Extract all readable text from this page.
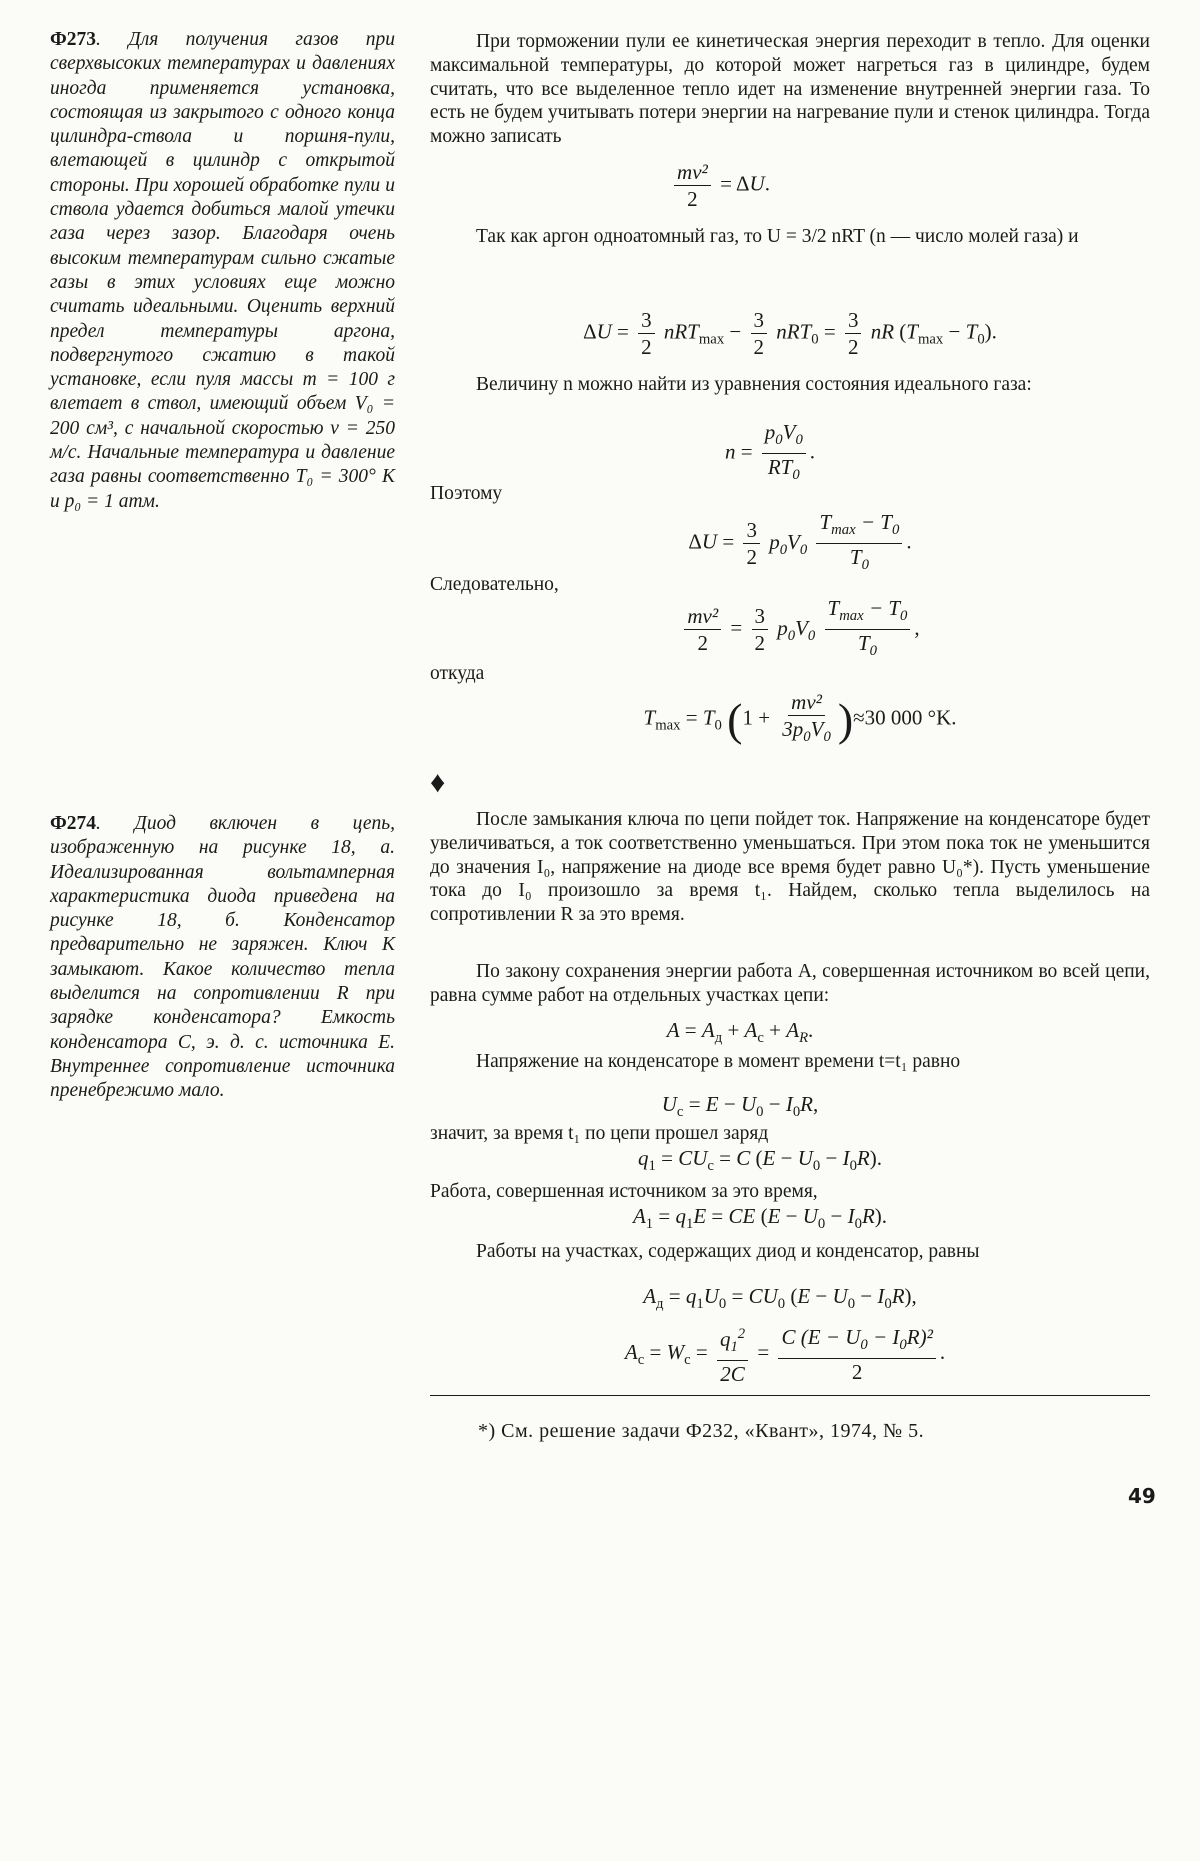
Ф273. Для получения газов при сверхвысоких температурах и давлениях иногда применяется установка, состоящая из закрытого с одного конца цилиндра-ствола и поршня-пули, влетающей в цилиндр с открытой стороны. При хорошей обработке пули и ствола удается добиться малой утечки газа через зазор. Благодаря очень высоким температурам сильно сжатые газы в этих условиях еще можно считать идеальными. Оценить верхний предел температуры аргона, подвергнутого сжатию в такой установке, если пуля массы m = 100 г влетает в ствол, имеющий объем V₀ = 200 см³, с начальной скоростью v = 250 м/с. Начальные температура и давление газа равны соответственно T₀ = 300° K и p₀ = 1 атм.
При торможении пули ее кинетическая энергия переходит в тепло. Для оценки максимальной температуры, до которой может нагреться газ в цилиндре, будем считать, что все выделенное тепло идет на изменение внутренней энергии газа. То есть не будем учитывать потери энергии на нагревание пули и стенок цилиндра. Тогда можно записать
$\frac{\text{mv²}}{2} = \Delta U$.
Так как аргон одноатомный газ, то U = 3/2 nRT (n — число молей газа) и
$\Delta U = \frac{3}{2} nRT_{max} - \frac{3}{2} nRT_0 = \frac{3}{2}$ nR $(T_{max} - T_0)$.
Величину n можно найти из уравнения состояния идеального газа:
$n = \frac{p_0V_0}{RT_0}$ .
Поэтому
$\Delta U = \frac{3}{2} p_0V_0 \frac{T_{max} - T_0}{T_0}$ .
Следовательно,
$\frac{\text{mv²}}{2} = \frac{3}{2} p_0V_0 \frac{T_{max} - T_0}{T_0}$ ,
откуда
$T_{max} = T_0$ $(1 + \frac{\text{mv²}}{3p_0V_0} )\approx 30$ 000 °K.
♦
Ф274. Диод включен в цепь, изображенную на рисунке 18, а. Идеализированная вольтамперная характеристика диода приведена на рисунке 18, б. Конденсатор предварительно не заряжен. Ключ К замыкают. Какое количество тепла выделится на сопротивлении R при зарядке конденсатора? Емкость конденсатора C, э. д. с. источника E. Внутреннее сопротивление источника пренебрежимо мало.
После замыкания ключа по цепи пойдет ток. Напряжение на конденсаторе будет увеличиваться, а ток соответственно уменьшаться. При этом пока ток не уменьшится до значения I₀, напряжение на диоде все время будет равно U₀*). Пусть уменьшение тока до I₀ произошло за время t₁. Найдем, сколько тепла выделилось на сопротивлении R за это время.
По закону сохранения энергии работа A, совершенная источником во всей цепи, равна сумме работ на отдельных участках цепи:
$A = A_д + A_c + A_R$.
Напряжение на конденсаторе в момент времени t=t₁ равно
$U_c = E - U_0 - I_0R$,
значит, за время t₁ по цепи прошел заряд
$q_1 = CU_c = C$ $(E - U_0 - I_0R)$.
Работа, совершенная источником за это время,
$A_1 = q_1E$ = CE $(E - U_0 - I_0R)$.
Работы на участках, содержащих диод и конденсатор, равны
$A_д = q_1U_0 = CU_0$ $(E - U_0 - I_0R)$,
$A_c = W_c = \frac{q_1^2}{2C} = \frac{C (E - U_0 - I_0R)^2}{2}$ .
*) См. решение задачи Ф232, «Квант», 1974, № 5.
49
